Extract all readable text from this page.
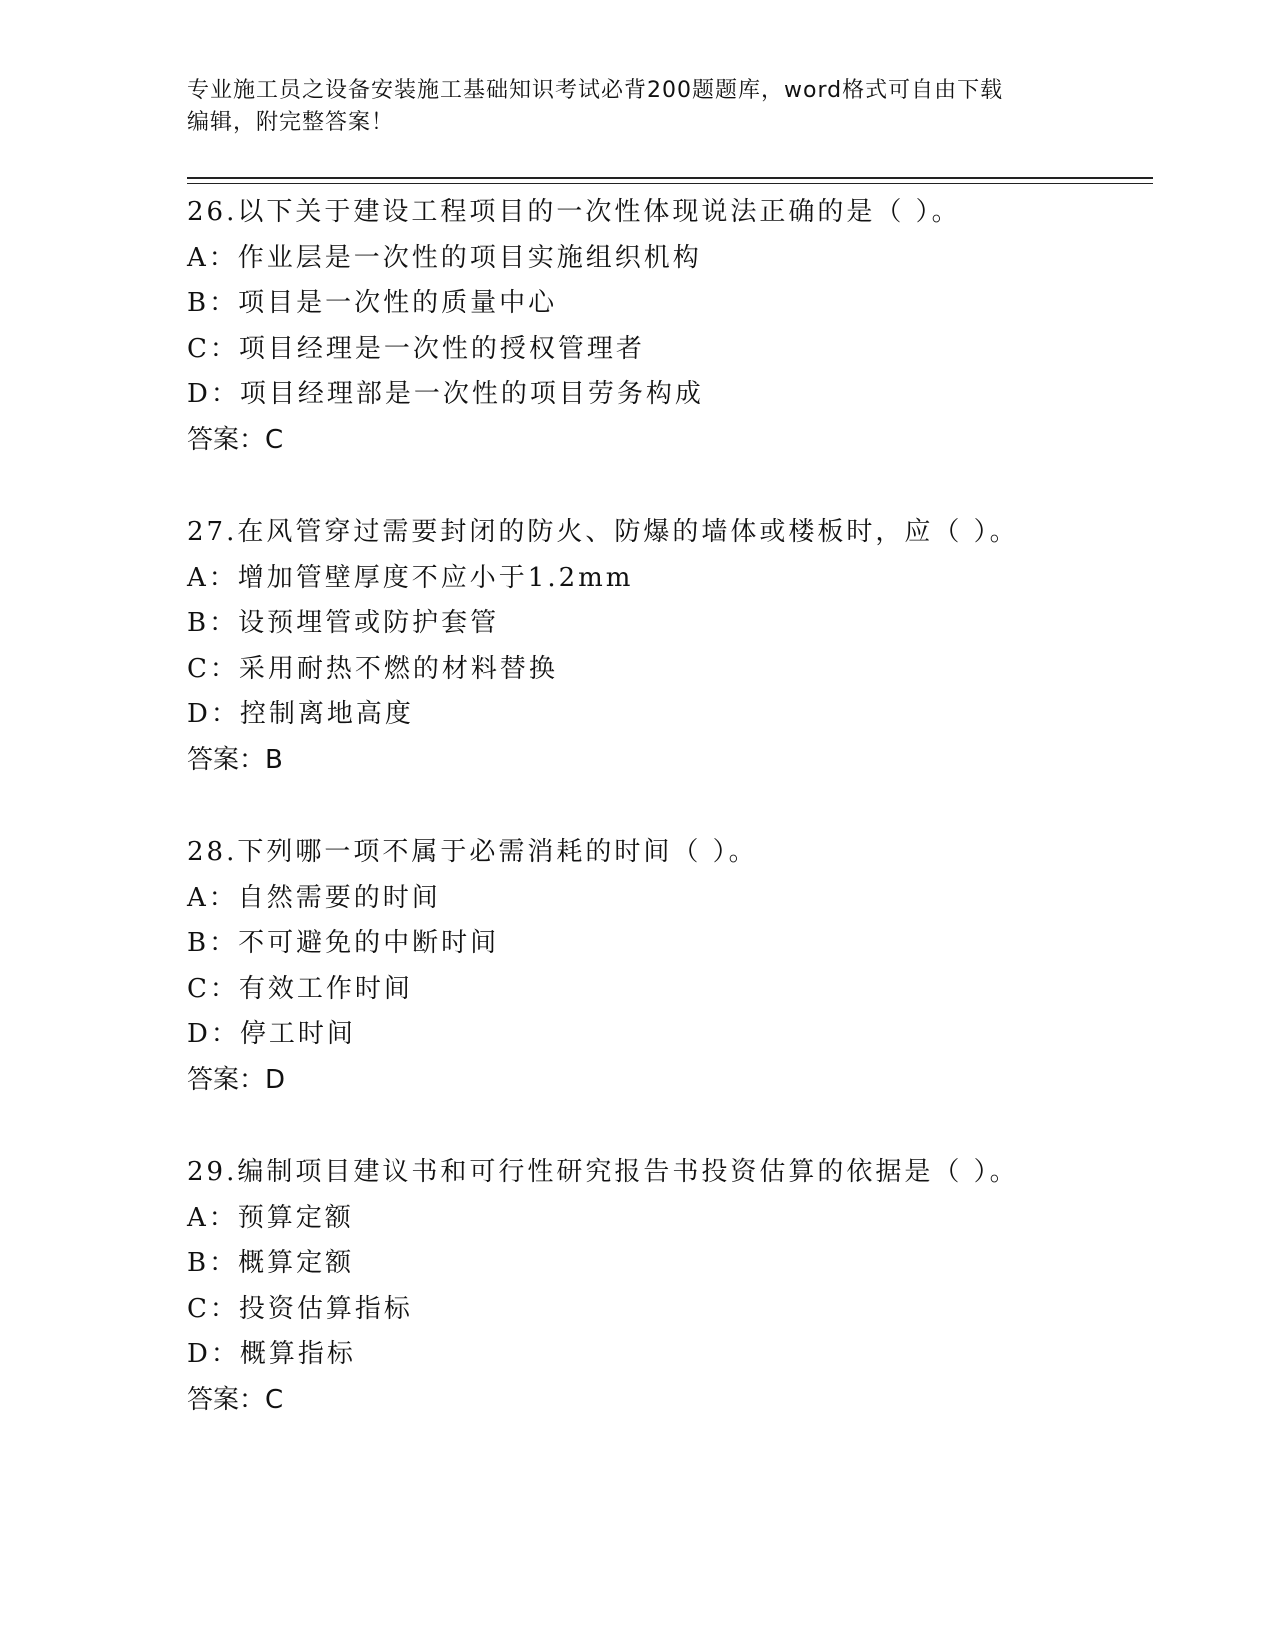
专业施工员之设备安装施工基础知识考试必背200题题库，word格式可自由下载
编辑，附完整答案！
26.以下关于建设工程项目的一次性体现说法正确的是（ ）。
A：作业层是一次性的项目实施组织机构
B：项目是一次性的质量中心
C：项目经理是一次性的授权管理者
D：项目经理部是一次性的项目劳务构成
答案：C
27.在风管穿过需要封闭的防火、防爆的墙体或楼板时，应（ ）。
A：增加管壁厚度不应小于1.2mm
B：设预埋管或防护套管
C：采用耐热不燃的材料替换
D：控制离地高度
答案：B
28.下列哪一项不属于必需消耗的时间（ ）。
A：自然需要的时间
B：不可避免的中断时间
C：有效工作时间
D：停工时间
答案：D
29.编制项目建议书和可行性研究报告书投资估算的依据是（ ）。
A：预算定额
B：概算定额
C：投资估算指标
D：概算指标
答案：C
